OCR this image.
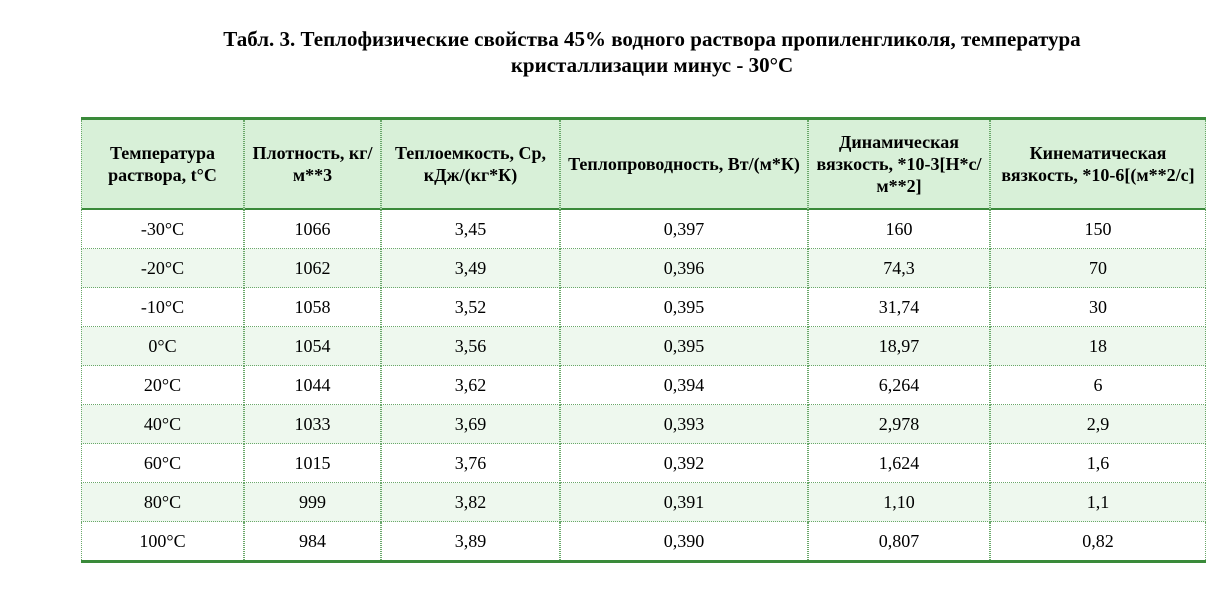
Табл. 3. Теплофизические свойства 45% водного раствора пропиленгликоля, температура
кристаллизации минус - 30°С
Температура раствора, t°C	Плотность, кг/м**3	Теплоемкость, Ср, кДж/(кг*К)	Теплопроводность, Вт/(м*К)	Динамическая вязкость, *10-3[Н*с/м**2]	Кинематическая вязкость, *10-6[(м**2/с]
-30°C	1066	3,45	0,397	160	150
-20°C	1062	3,49	0,396	74,3	70
-10°C	1058	3,52	0,395	31,74	30
0°C	1054	3,56	0,395	18,97	18
20°C	1044	3,62	0,394	6,264	6
40°C	1033	3,69	0,393	2,978	2,9
60°C	1015	3,76	0,392	1,624	1,6
80°C	999	3,82	0,391	1,10	1,1
100°C	984	3,89	0,390	0,807	0,82
